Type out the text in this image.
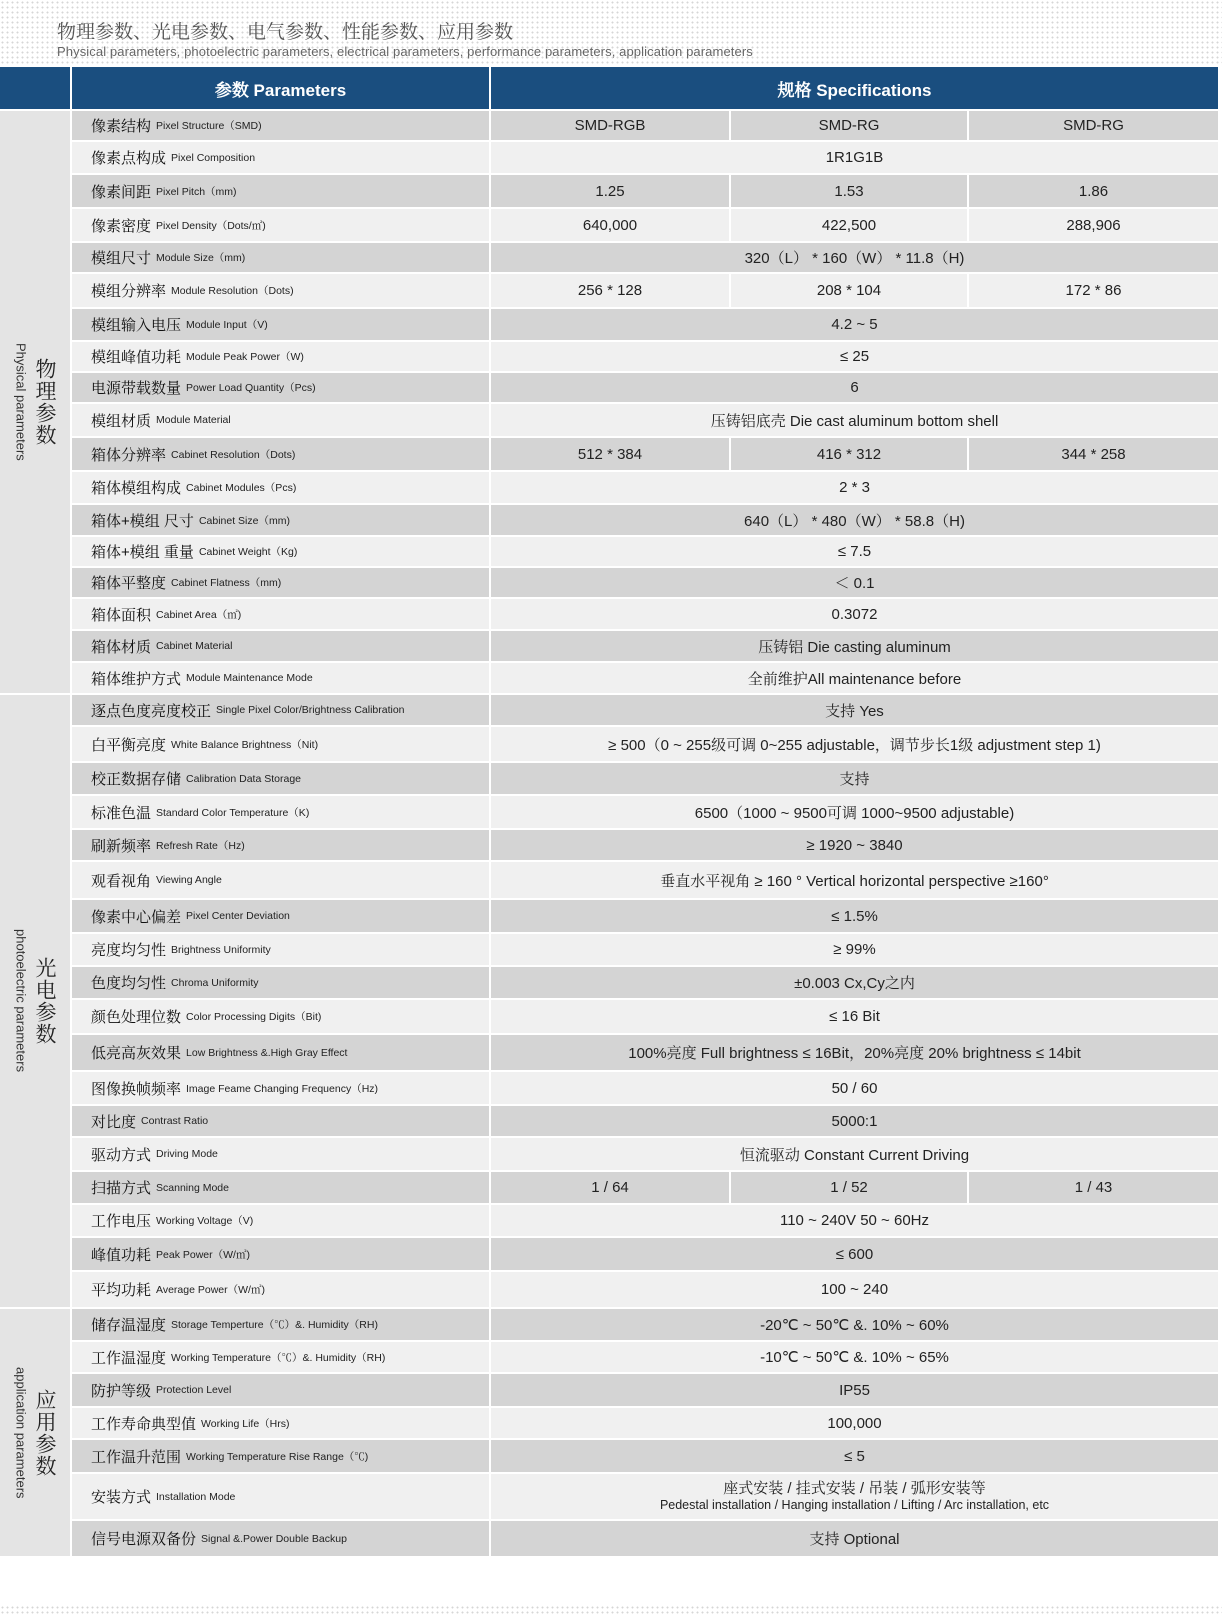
物理参数、光电参数、电气参数、性能参数、应用参数
Physical parameters, photoelectric parameters, electrical parameters, performance parameters, application parameters
参数 Parameters	规格 Specifications
Physical parameters 物理参数
photoelectric parameters 光电参数
application parameters 应用参数
像素结构 Pixel Structure（SMD)	SMD-RGB	SMD-RG	SMD-RG
像素点构成 Pixel Composition	1R1G1B
像素间距 Pixel Pitch（mm)	1.25	1.53	1.86
像素密度 Pixel Density（Dots/㎡)	640,000	422,500	288,906
模组尺寸 Module Size（mm)	320（L） * 160（W） * 11.8（H)
模组分辨率 Module Resolution（Dots)	256 * 128	208 * 104	172 * 86
模组输入电压 Module Input（V)	4.2 ~ 5
模组峰值功耗 Module Peak Power（W)	≤ 25
电源带载数量 Power Load Quantity（Pcs)	6
模组材质 Module Material	压铸铝底壳 Die cast aluminum bottom shell
箱体分辨率 Cabinet Resolution（Dots)	512 * 384	416 * 312	344 * 258
箱体模组构成 Cabinet Modules（Pcs)	2 * 3
箱体+模组 尺寸 Cabinet Size（mm)	640（L） * 480（W） * 58.8（H)
箱体+模组 重量 Cabinet Weight（Kg)	≤ 7.5
箱体平整度 Cabinet Flatness（mm)	＜ 0.1
箱体面积 Cabinet Area（㎡)	0.3072
箱体材质 Cabinet Material	压铸铝 Die casting aluminum
箱体维护方式 Module Maintenance Mode	全前维护All maintenance before
逐点色度亮度校正 Single Pixel Color/Brightness Calibration	支持 Yes
白平衡亮度 White Balance Brightness（Nit)	≥ 500（0 ~ 255级可调 0~255 adjustable，调节步长1级 adjustment step 1)
校正数据存储 Calibration Data Storage	支持
标准色温 Standard Color Temperature（K)	6500（1000 ~ 9500可调 1000~9500 adjustable)
刷新频率 Refresh Rate（Hz)	≥ 1920 ~ 3840
观看视角 Viewing Angle	垂直水平视角 ≥ 160 ° Vertical horizontal perspective ≥160°
像素中心偏差 Pixel Center Deviation	≤ 1.5%
亮度均匀性 Brightness Uniformity	≥ 99%
色度均匀性 Chroma Uniformity	±0.003 Cx,Cy之内
颜色处理位数 Color Processing Digits（Bit)	≤ 16 Bit
低亮高灰效果 Low Brightness &.High Gray Effect	100%亮度 Full brightness ≤ 16Bit，20%亮度 20% brightness ≤ 14bit
图像换帧频率 Image Feame Changing Frequency（Hz)	50 / 60
对比度 Contrast Ratio	5000:1
驱动方式 Driving Mode	恒流驱动 Constant Current Driving
扫描方式 Scanning Mode	1 / 64	1 / 52	1 / 43
工作电压 Working Voltage（V)	110 ~ 240V 50 ~ 60Hz
峰值功耗 Peak Power（W/㎡)	≤ 600
平均功耗 Average Power（W/㎡)	100 ~ 240
储存温湿度 Storage Temperture（℃）&. Humidity（RH)	-20℃ ~ 50℃ &. 10% ~ 60%
工作温湿度 Working Temperature（℃）&. Humidity（RH)	-10℃ ~ 50℃ &. 10% ~ 65%
防护等级 Protection Level	IP55
工作寿命典型值 Working Life（Hrs)	100,000
工作温升范围 Working Temperature Rise Range（℃)	≤ 5
安装方式 Installation Mode	座式安装 / 挂式安装 / 吊装 / 弧形安装等
Pedestal installation / Hanging installation / Lifting / Arc installation, etc
信号电源双备份 Signal &.Power Double Backup	支持 Optional
